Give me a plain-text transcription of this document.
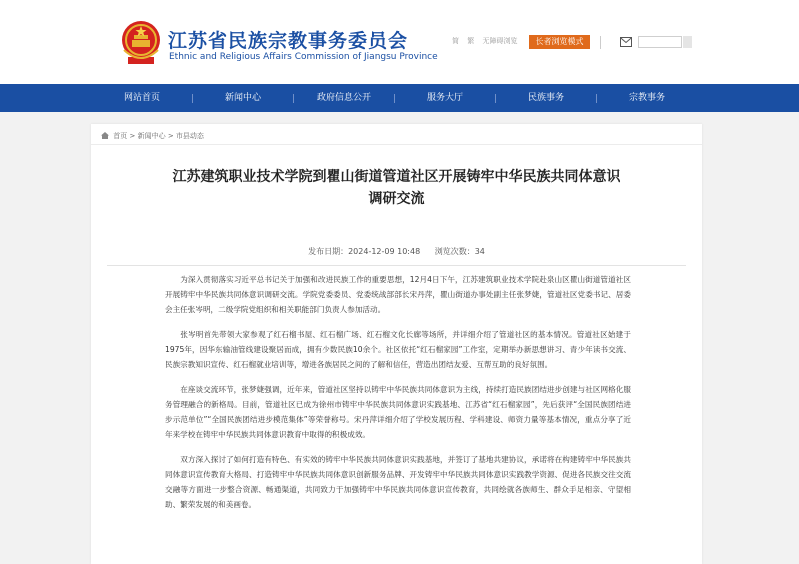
江苏省民族宗教事务委员会
Ethnic and Religious Affairs Commission of Jiangsu Province
简 繁 无障碍浏览	长者浏览模式
网站首页	新闻中心	政府信息公开	服务大厅	民族事务	宗教事务
首页 > 新闻中心 > 市县动态
江苏建筑职业技术学院到瞿山街道管道社区开展铸牢中华民族共同体意识调研交流
发布日期：2024-12-09 10:48 浏览次数：34

为深入贯彻落实习近平总书记关于加强和改进民族工作的重要思想，12月4日下午，江苏建筑职业技术学院赴泉山区瞿山街道管道社区开展铸牢中华民族共同体意识调研交流。学院党委委员、党委统战部部长宋丹萍，瞿山街道办事处副主任张梦婕，管道社区党委书记、居委会主任张岑明，二级学院党组织和相关职能部门负责人参加活动。

张岑明首先带领大家参观了红石榴书屋、红石榴广场、红石榴文化长廊等场所，并详细介绍了管道社区的基本情况。管道社区始建于1975年，因华东输油管线建设聚居而成，拥有少数民族10余个。社区依托“红石榴家园”工作室，定期举办新思想讲习、青少年读书交流、民族宗教知识宣传、红石榴就业培训等，增进各族居民之间的了解和信任，营造出团结友爱、互帮互助的良好氛围。

在座谈交流环节，张梦婕强调，近年来，管道社区坚持以铸牢中华民族共同体意识为主线，持续打造民族团结进步创建与社区网格化服务管理融合的新格局。目前，管道社区已成为徐州市铸牢中华民族共同体意识实践基地、江苏省“红石榴家园”，先后获评“全国民族团结进步示范单位”“全国民族团结进步模范集体”等荣誉称号。宋丹萍详细介绍了学校发展历程、学科建设、师资力量等基本情况，重点分享了近年来学校在铸牢中华民族共同体意识教育中取得的积极成效。

双方深入探讨了如何打造有特色、有实效的铸牢中华民族共同体意识实践基地，并签订了基地共建协议，承诺将在构建铸牢中华民族共同体意识宣传教育大格局、打造铸牢中华民族共同体意识创新服务品牌、开发铸牢中华民族共同体意识实践教学资源、促进各民族交往交流交融等方面进一步整合资源、畅通渠道，共同致力于加强铸牢中华民族共同体意识宣传教育，共同绘就各族师生、群众手足相亲、守望相助、繁荣发展的和美画卷。
